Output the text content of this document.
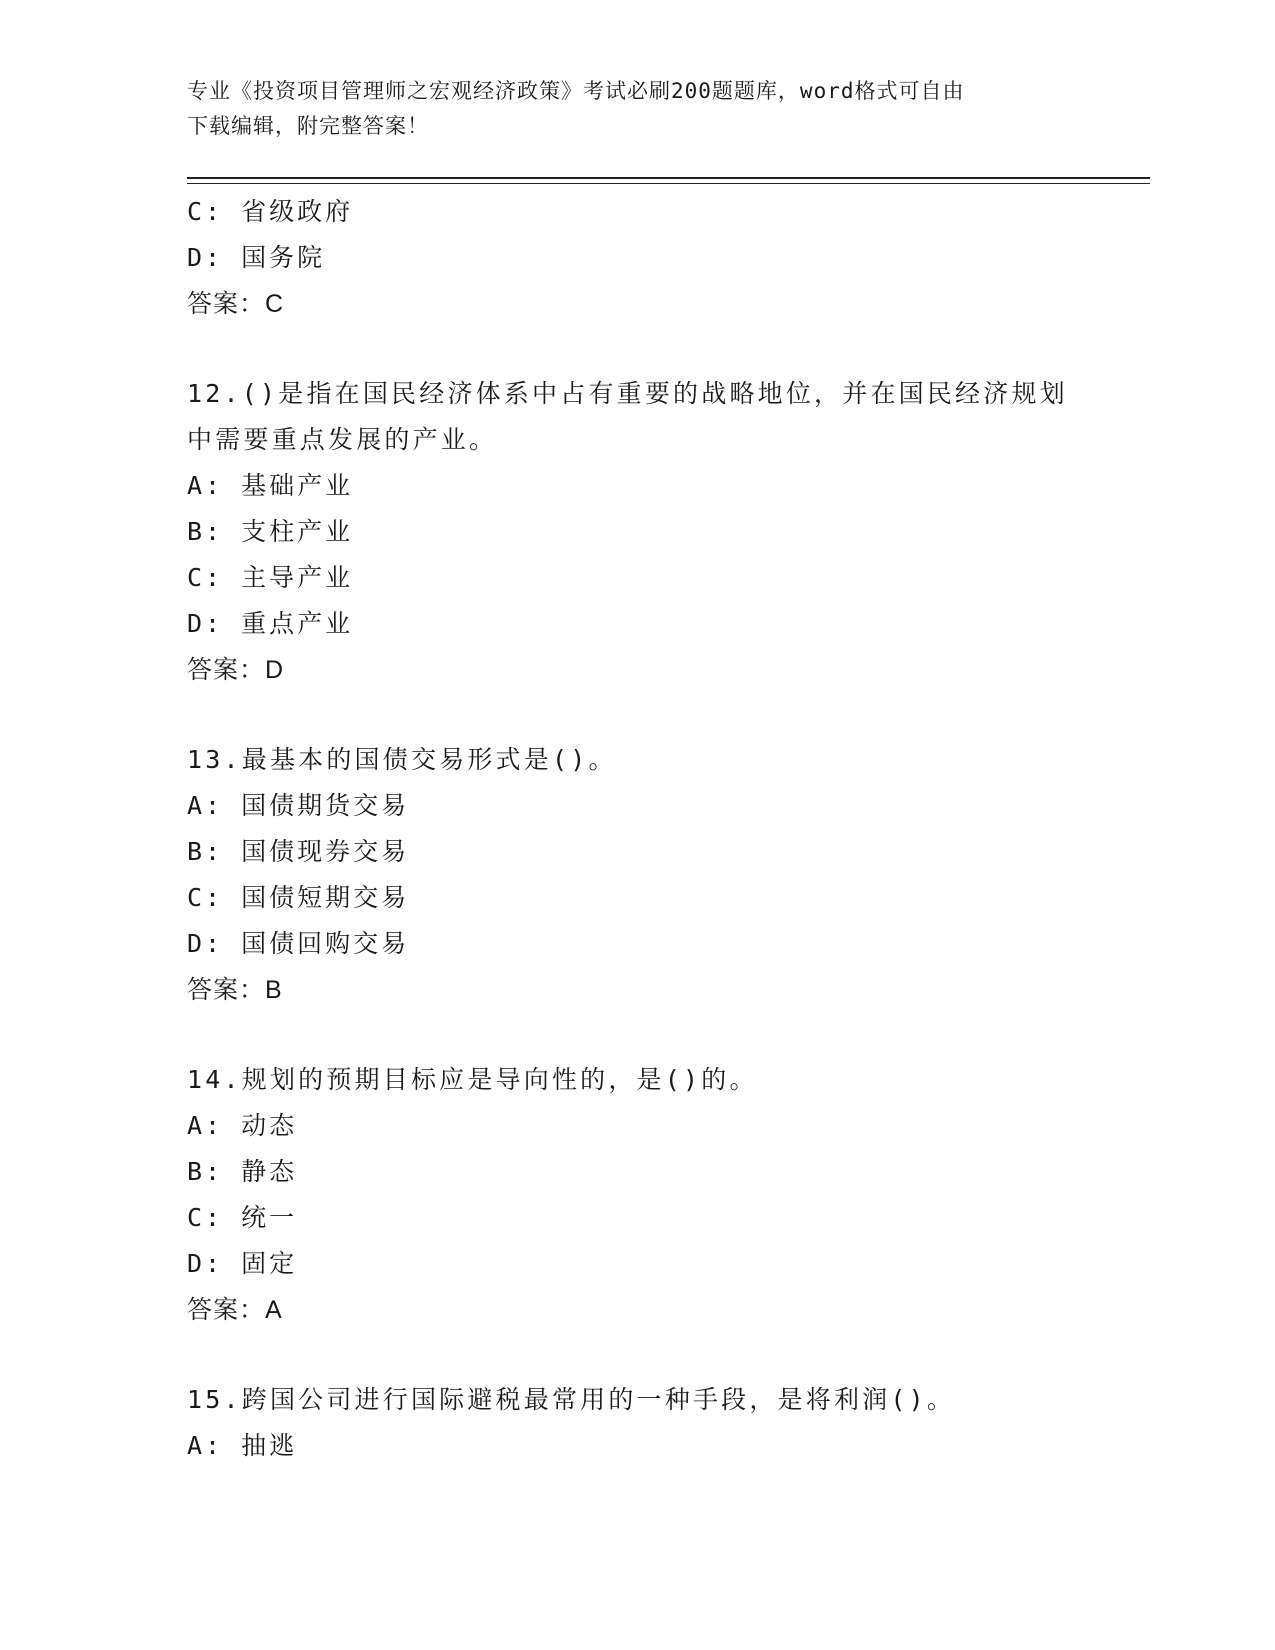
专业《投资项目管理师之宏观经济政策》考试必刷200题题库，word格式可自由
下载编辑，附完整答案！
C: 省级政府
D: 国务院
答案：C
12.()是指在国民经济体系中占有重要的战略地位，并在国民经济规划
中需要重点发展的产业。
A: 基础产业
B: 支柱产业
C: 主导产业
D: 重点产业
答案：D
13.最基本的国债交易形式是()。
A: 国债期货交易
B: 国债现券交易
C: 国债短期交易
D: 国债回购交易
答案：B
14.规划的预期目标应是导向性的，是()的。
A: 动态
B: 静态
C: 统一
D: 固定
答案：A
15.跨国公司进行国际避税最常用的一种手段，是将利润()。
A: 抽逃
